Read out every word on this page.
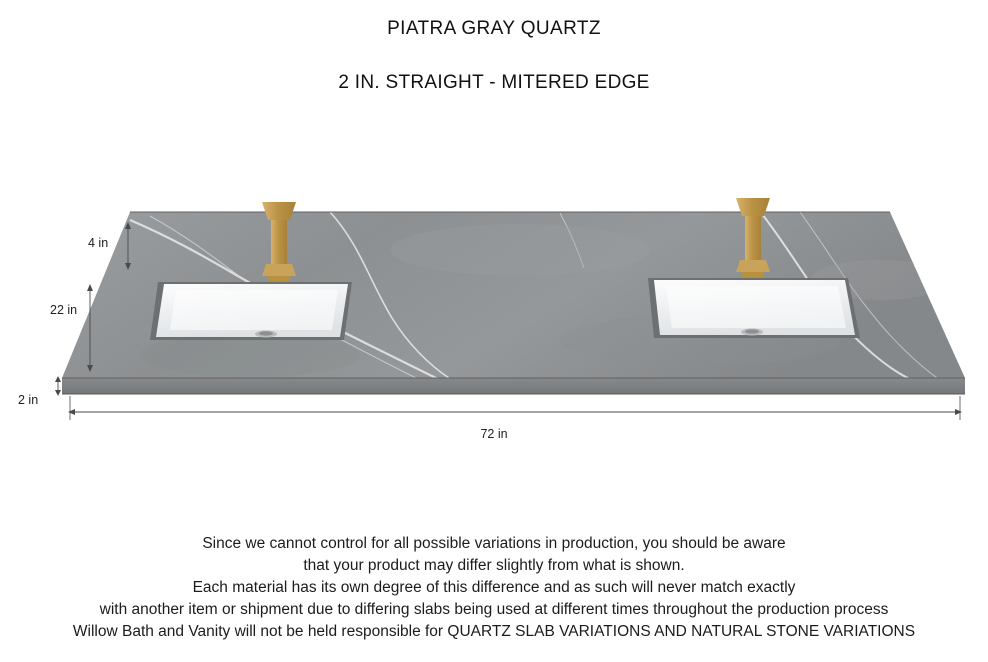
PIATRA GRAY QUARTZ
2 IN. STRAIGHT - MITERED EDGE
4 in
22 in
2 in
72 in
Since we cannot control for all possible variations in production, you should be aware
that your product may differ slightly from what is shown.
Each material has its own degree of this difference and as such will never match exactly
with another item or shipment due to differing slabs being used at different times throughout the production process
Willow Bath and Vanity will not be held responsible for QUARTZ SLAB VARIATIONS AND NATURAL STONE VARIATIONS
